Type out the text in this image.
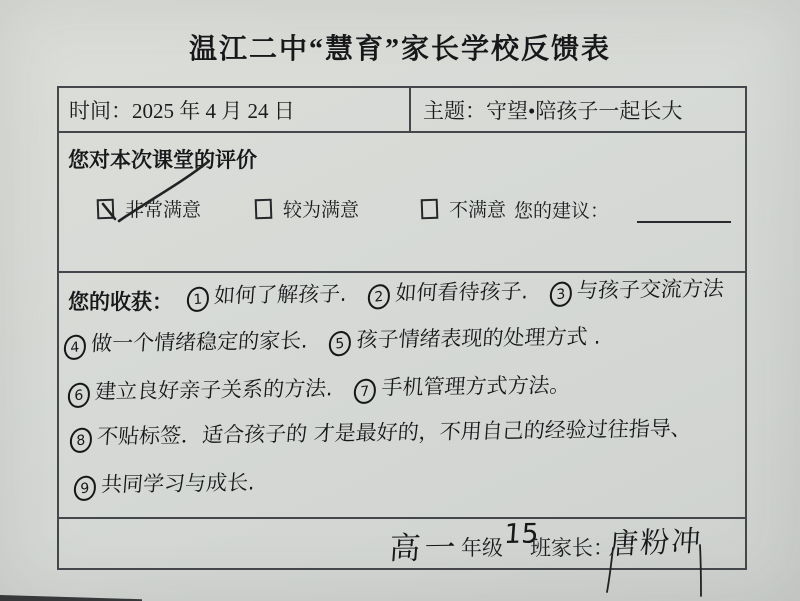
温江二中“慧育”家长学校反馈表
时间： 2025 年 4 月 24 日	主题： 守望•陪孩子一起长大
您对本次课堂的评价
非常满意	较为满意	不满意 您的建议：
您的收获：	1 如何了解孩子. 2 如何看待孩子. 3 与孩子交流方法
4 做一个情绪稳定的家长. 5 孩子情绪表现的处理方式 .
6 建立良好亲子关系的方法. 7 手机管理方式方法。
8 不贴标签．适合孩子的 才是最好的，不用自己的经验过往指导、
9 共同学习与成长.
高一 年级 15
班家长：
唐粉冲
